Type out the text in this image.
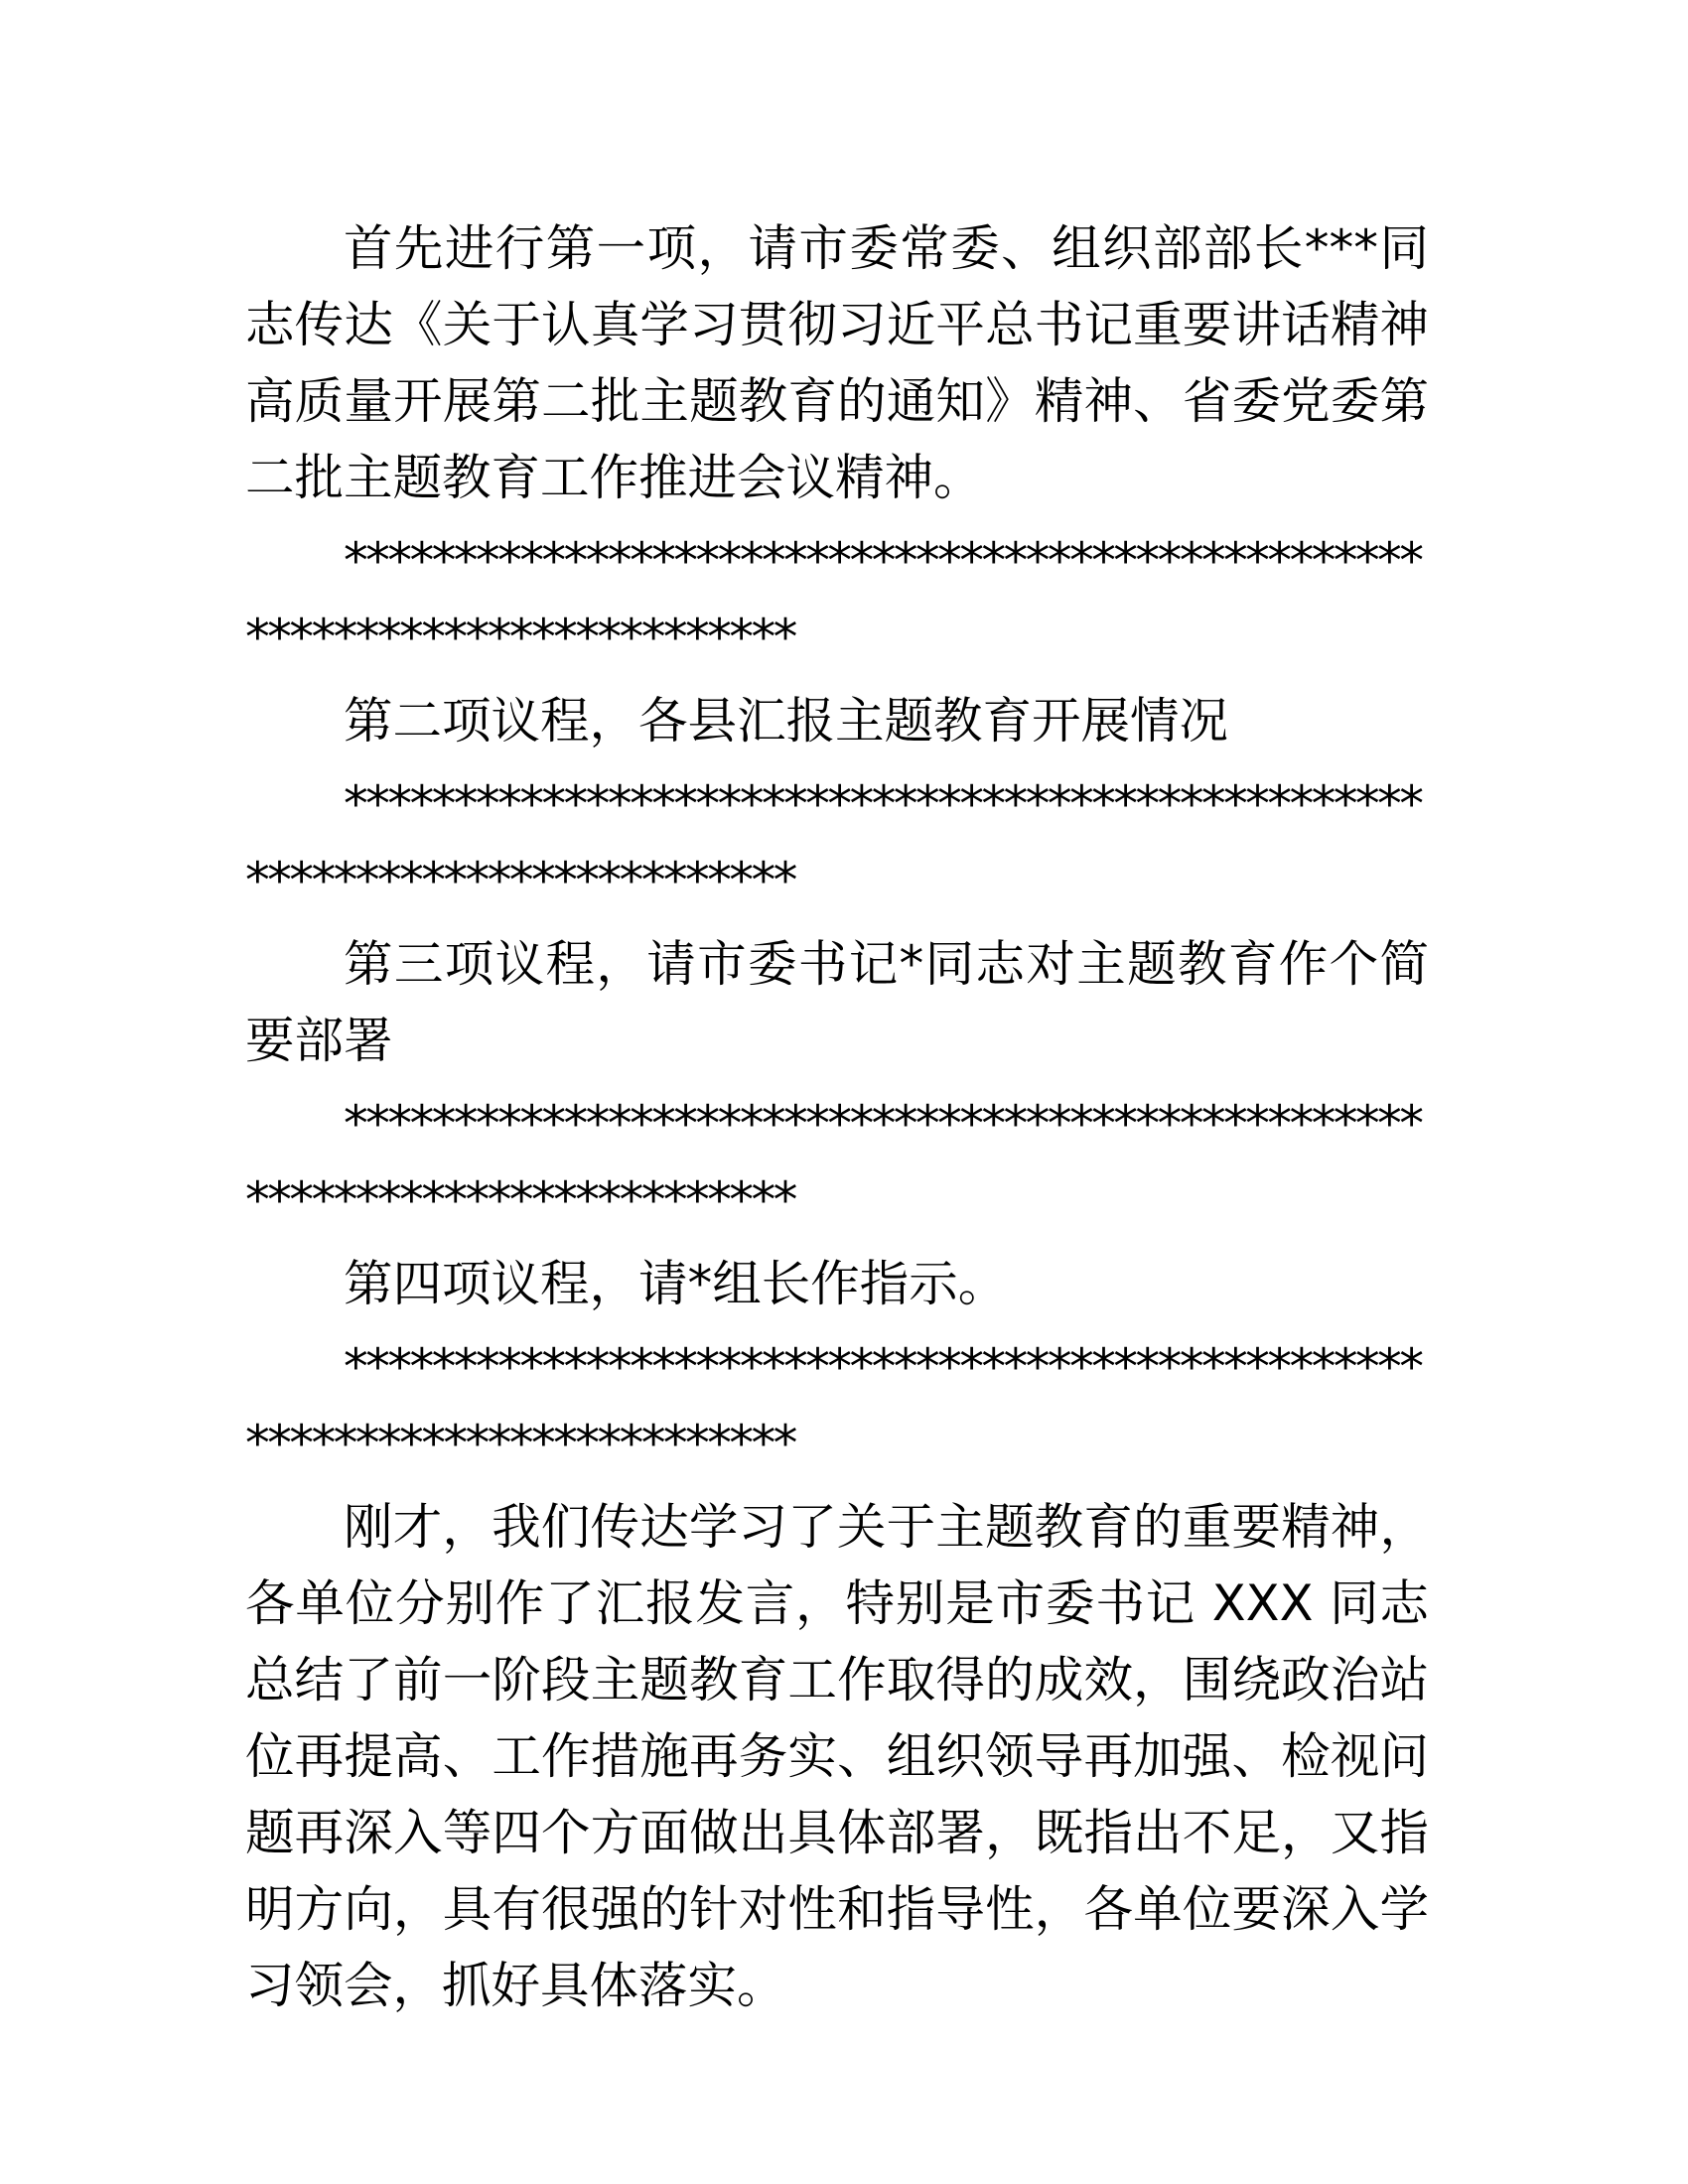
首先进行第一项，请市委常委、组织部部长***同志传达《关于认真学习贯彻习近平总书记重要讲话精神高质量开展第二批主题教育的通知》精神、省委党委第二批主题教育工作推进会议精神。

**************************************************************************

第二项议程，各县汇报主题教育开展情况

**************************************************************************

第三项议程，请市委书记*同志对主题教育作个简要部署

**************************************************************************

第四项议程，请*组长作指示。

**************************************************************************

刚才，我们传达学习了关于主题教育的重要精神，各单位分别作了汇报发言，特别是市委书记 XXX 同志总结了前一阶段主题教育工作取得的成效，围绕政治站位再提高、工作措施再务实、组织领导再加强、检视问题再深入等四个方面做出具体部署，既指出不足，又指明方向，具有很强的针对性和指导性，各单位要深入学习领会，抓好具体落实。
